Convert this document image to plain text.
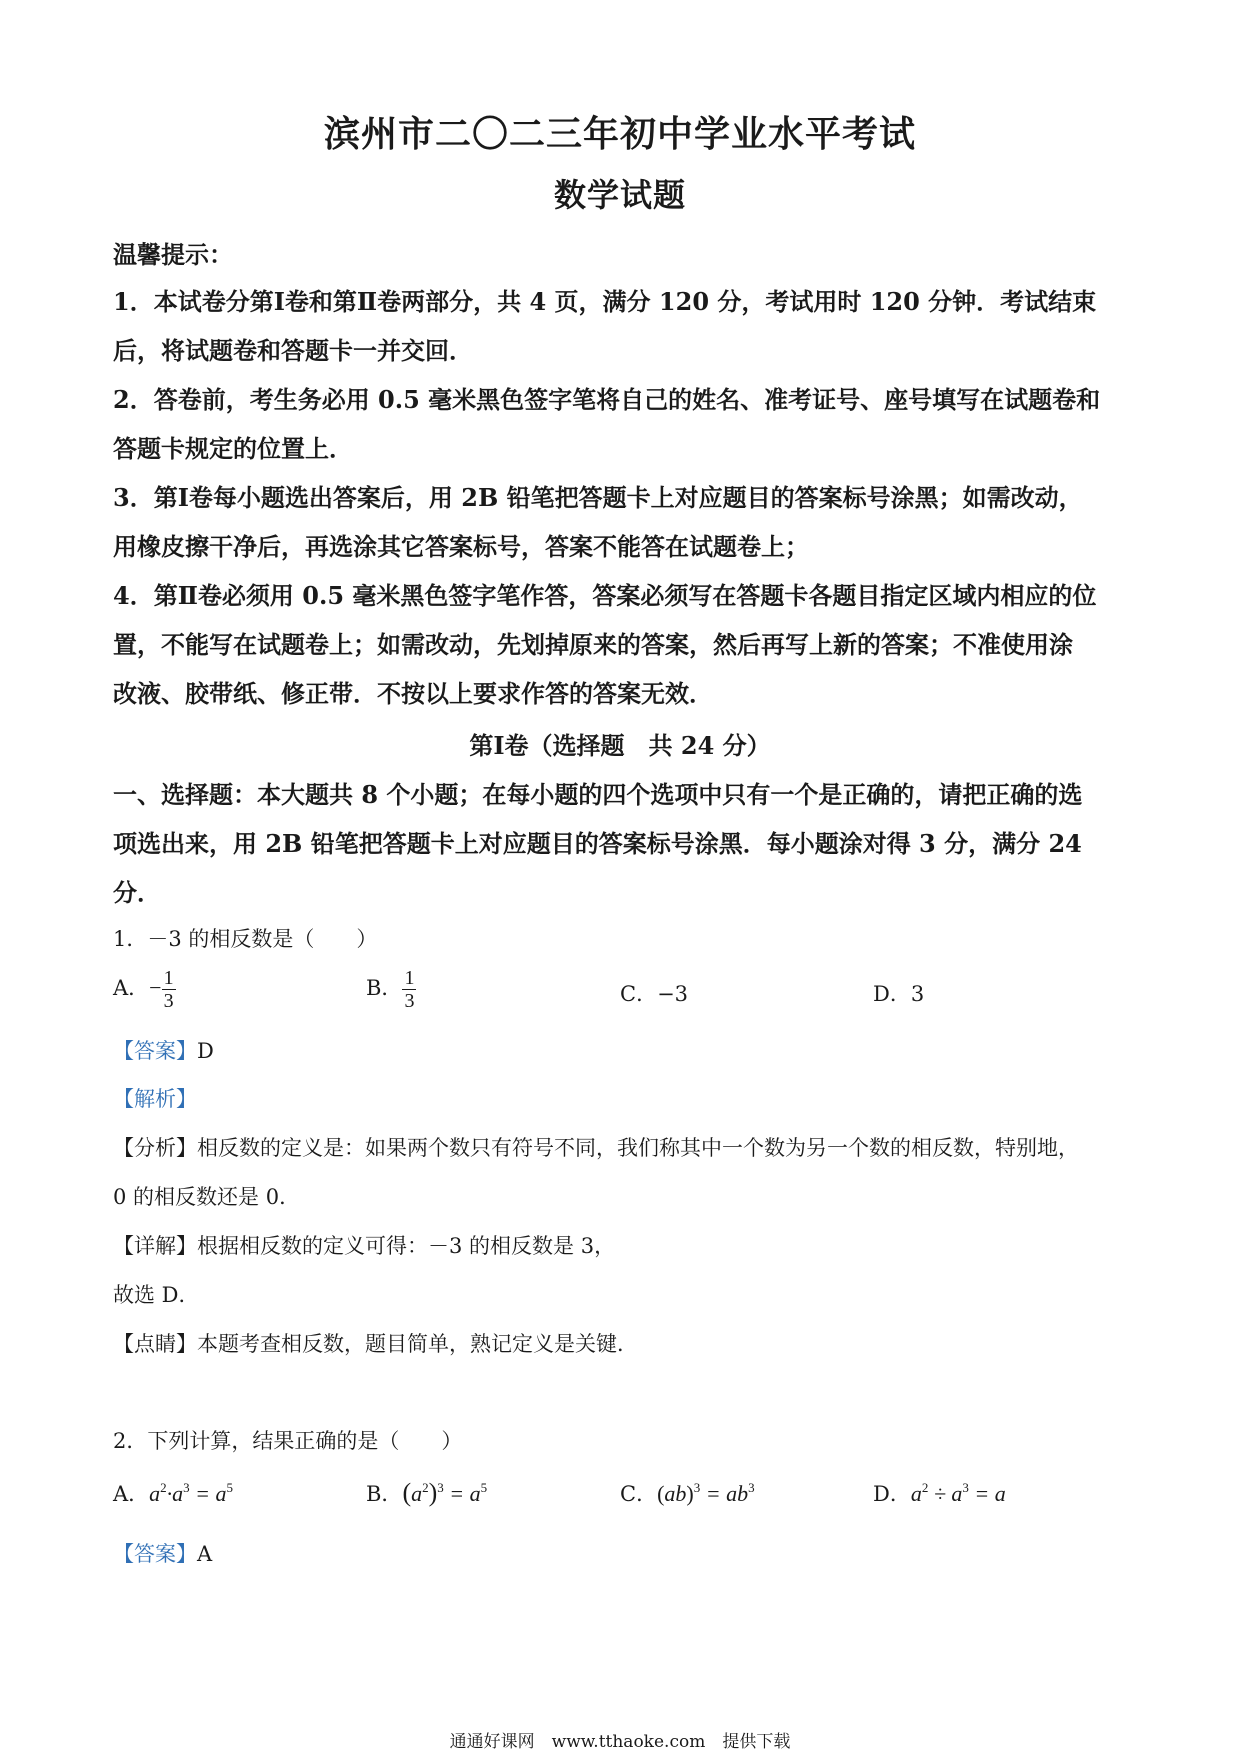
滨州市二〇二三年初中学业水平考试
数学试题
温馨提示：
1．本试卷分第Ⅰ卷和第Ⅱ卷两部分，共 4 页，满分 120 分，考试用时 120 分钟．考试结束
后，将试题卷和答题卡一并交回．
2．答卷前，考生务必用 0.5 毫米黑色签字笔将自己的姓名、准考证号、座号填写在试题卷和
答题卡规定的位置上．
3．第Ⅰ卷每小题选出答案后，用 2B 铅笔把答题卡上对应题目的答案标号涂黑；如需改动，
用橡皮擦干净后，再选涂其它答案标号，答案不能答在试题卷上；
4．第Ⅱ卷必须用 0.5 毫米黑色签字笔作答，答案必须写在答题卡各题目指定区域内相应的位
置，不能写在试题卷上；如需改动，先划掉原来的答案，然后再写上新的答案；不准使用涂
改液、胶带纸、修正带．不按以上要求作答的答案无效．
第Ⅰ卷（选择题　共 24 分）
一、选择题：本大题共 8 个小题；在每小题的四个选项中只有一个是正确的，请把正确的选
项选出来，用 2B 铅笔把答题卡上对应题目的答案标号涂黑．每小题涂对得 3 分，满分 24
分．
1．－3 的相反数是（　　）
A．− $\frac{1}{3}$	B． $\frac{1}{3}$	C．−3	D．3
【答案】D
【解析】
【分析】相反数的定义是：如果两个数只有符号不同，我们称其中一个数为另一个数的相反数，特别地，
0 的相反数还是 0．
【详解】根据相反数的定义可得：－3 的相反数是 3，
故选 D．
【点睛】本题考查相反数，题目简单，熟记定义是关键．
2．下列计算，结果正确的是（　　）
A．$a^2\cdot a^3 = a^5$	B．$(a^2)^3 = a^5$	C．$(ab)^3 = ab^3$	D．$a^2 \div a^3 = a$
【答案】A
通通好课网　www.tthaoke.com　提供下载
